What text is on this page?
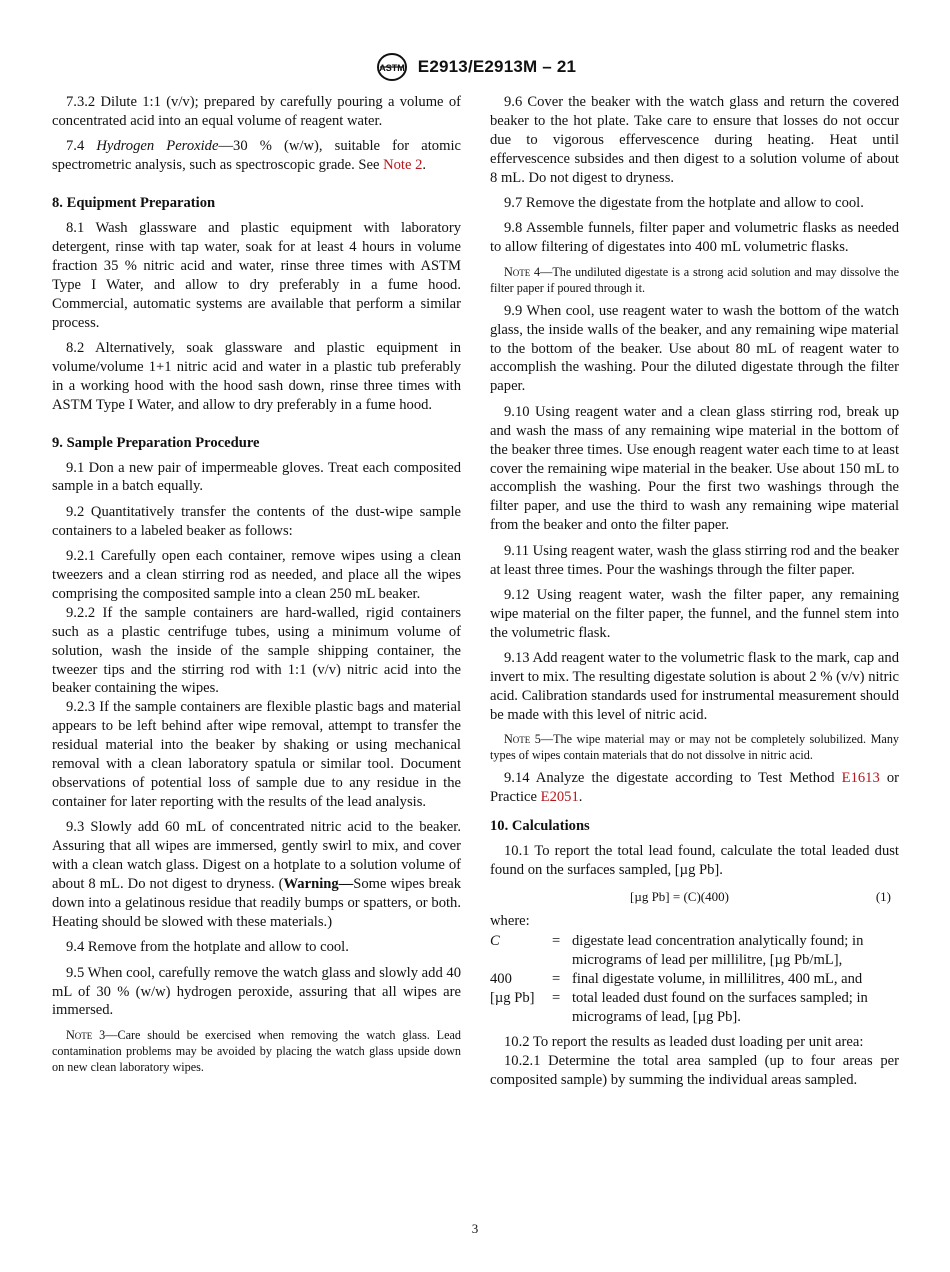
ASTM E2913/E2913M – 21

7.3.2 Dilute 1:1 (v/v); prepared by carefully pouring a volume of concentrated acid into an equal volume of reagent water.

7.4 Hydrogen Peroxide—30 % (w/w), suitable for atomic spectrometric analysis, such as spectroscopic grade. See Note 2.

8. Equipment Preparation

8.1 Wash glassware and plastic equipment with laboratory detergent, rinse with tap water, soak for at least 4 hours in volume fraction 35 % nitric acid and water, rinse three times with ASTM Type I Water, and allow to dry preferably in a fume hood. Commercial, automatic systems are available that perform a similar process.

8.2 Alternatively, soak glassware and plastic equipment in volume/volume 1+1 nitric acid and water in a plastic tub preferably in a working hood with the hood sash down, rinse three times with ASTM Type I Water, and allow to dry preferably in a fume hood.

9. Sample Preparation Procedure

9.1 Don a new pair of impermeable gloves. Treat each composited sample in a batch equally.

9.2 Quantitatively transfer the contents of the dust-wipe sample containers to a labeled beaker as follows:

9.2.1 Carefully open each container, remove wipes using a clean tweezers and a clean stirring rod as needed, and place all the wipes comprising the composited sample into a clean 250 mL beaker.

9.2.2 If the sample containers are hard-walled, rigid containers such as a plastic centrifuge tubes, using a minimum volume of solution, wash the inside of the sample shipping container, the tweezer tips and the stirring rod with 1:1 (v/v) nitric acid into the beaker containing the wipes.

9.2.3 If the sample containers are flexible plastic bags and material appears to be left behind after wipe removal, attempt to transfer the residual material into the beaker by shaking or using mechanical removal with a clean laboratory spatula or similar tool. Document observations of potential loss of sample due to any residue in the container for later reporting with the results of the lead analysis.

9.3 Slowly add 60 mL of concentrated nitric acid to the beaker. Assuring that all wipes are immersed, gently swirl to mix, and cover with a clean watch glass. Digest on a hotplate to a solution volume of about 8 mL. Do not digest to dryness. (Warning—Some wipes break down into a gelatinous residue that readily bumps or spatters, or both. Heating should be slowed with these materials.)

9.4 Remove from the hotplate and allow to cool.

9.5 When cool, carefully remove the watch glass and slowly add 40 mL of 30 % (w/w) hydrogen peroxide, assuring that all wipes are immersed.

Note 3—Care should be exercised when removing the watch glass. Lead contamination problems may be avoided by placing the watch glass upside down on new clean laboratory wipes.

9.6 Cover the beaker with the watch glass and return the covered beaker to the hot plate. Take care to ensure that losses do not occur due to vigorous effervescence during heating. Heat until effervescence subsides and then digest to a solution volume of about 8 mL. Do not digest to dryness.

9.7 Remove the digestate from the hotplate and allow to cool.

9.8 Assemble funnels, filter paper and volumetric flasks as needed to allow filtering of digestates into 400 mL volumetric flasks.

Note 4—The undiluted digestate is a strong acid solution and may dissolve the filter paper if poured through it.

9.9 When cool, use reagent water to wash the bottom of the watch glass, the inside walls of the beaker, and any remaining wipe material to the bottom of the beaker. Use about 80 mL of reagent water to accomplish the washing. Pour the diluted digestate through the filter paper.

9.10 Using reagent water and a clean glass stirring rod, break up and wash the mass of any remaining wipe material in the bottom of the beaker three times. Use enough reagent water each time to at least cover the remaining wipe material in the beaker. Use about 150 mL to accomplish the washing. Pour the first two washings through the filter paper, and use the third to wash any remaining wipe material from the beaker and onto the filter paper.

9.11 Using reagent water, wash the glass stirring rod and the beaker at least three times. Pour the washings through the filter paper.

9.12 Using reagent water, wash the filter paper, any remaining wipe material on the filter paper, the funnel, and the funnel stem into the volumetric flask.

9.13 Add reagent water to the volumetric flask to the mark, cap and invert to mix. The resulting digestate solution is about 2 % (v/v) nitric acid. Calibration standards used for instrumental measurement should be made with this level of nitric acid.

Note 5—The wipe material may or may not be completely solubilized. Many types of wipes contain materials that do not dissolve in nitric acid.

9.14 Analyze the digestate according to Test Method E1613 or Practice E2051.

10. Calculations

10.1 To report the total lead found, calculate the total leaded dust found on the surfaces sampled, [µg Pb].

[µg Pb] = (C)(400)	(1)
where:
C	= digestate lead concentration analytically found; in micrograms of lead per millilitre, [µg Pb/mL],
400	= final digestate volume, in millilitres, 400 mL, and
[µg Pb]	= total leaded dust found on the surfaces sampled; in micrograms of lead, [µg Pb].

10.2 To report the results as leaded dust loading per unit area:

10.2.1 Determine the total area sampled (up to four areas per composited sample) by summing the individual areas sampled.

3
